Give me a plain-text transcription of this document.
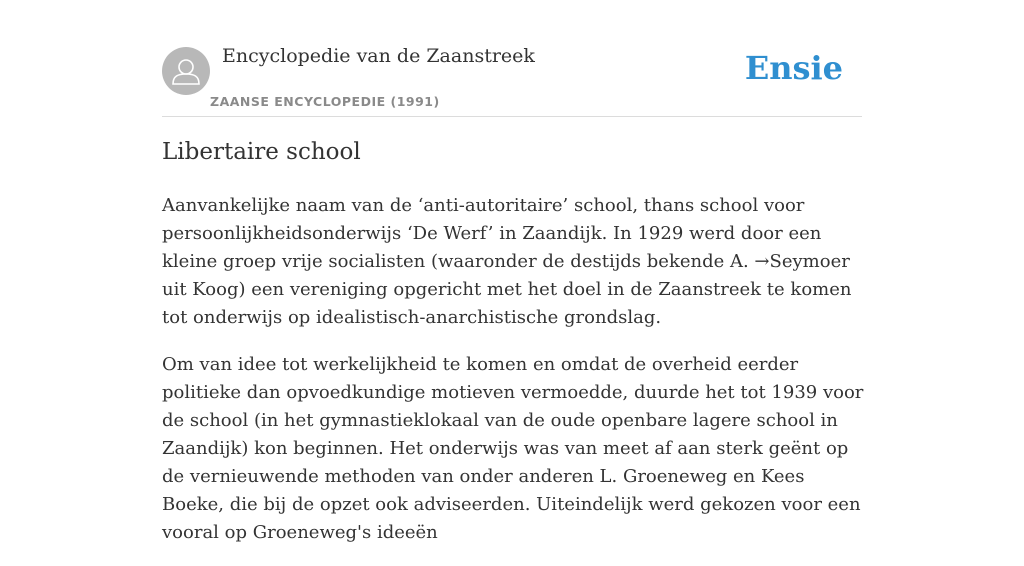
Encyclopedie van de Zaanstreek
ZAANSE ENCYCLOPEDIE (1991)
Ensie
Libertaire school

Aanvankelijke naam van de ‘anti-autoritaire’ school, thans school voor persoonlijkheidsonderwijs ‘De Werf’ in Zaandijk. In 1929 werd door een kleine groep vrije socialisten (waaronder de destijds bekende A. →Seymoer uit Koog) een vereniging opgericht met het doel in de Zaanstreek te komen tot onderwijs op idealistisch-anarchistische grondslag.

Om van idee tot werkelijkheid te komen en omdat de overheid eerder politieke dan opvoedkundige motieven vermoedde, duurde het tot 1939 voor de school (in het gymnastieklokaal van de oude openbare lagere school in Zaandijk) kon beginnen. Het onderwijs was van meet af aan sterk geënt op de vernieuwende methoden van onder anderen L. Groeneweg en Kees Boeke, die bij de opzet ook adviseerden. Uiteindelijk werd gekozen voor een vooral op Groeneweg's ideeën
